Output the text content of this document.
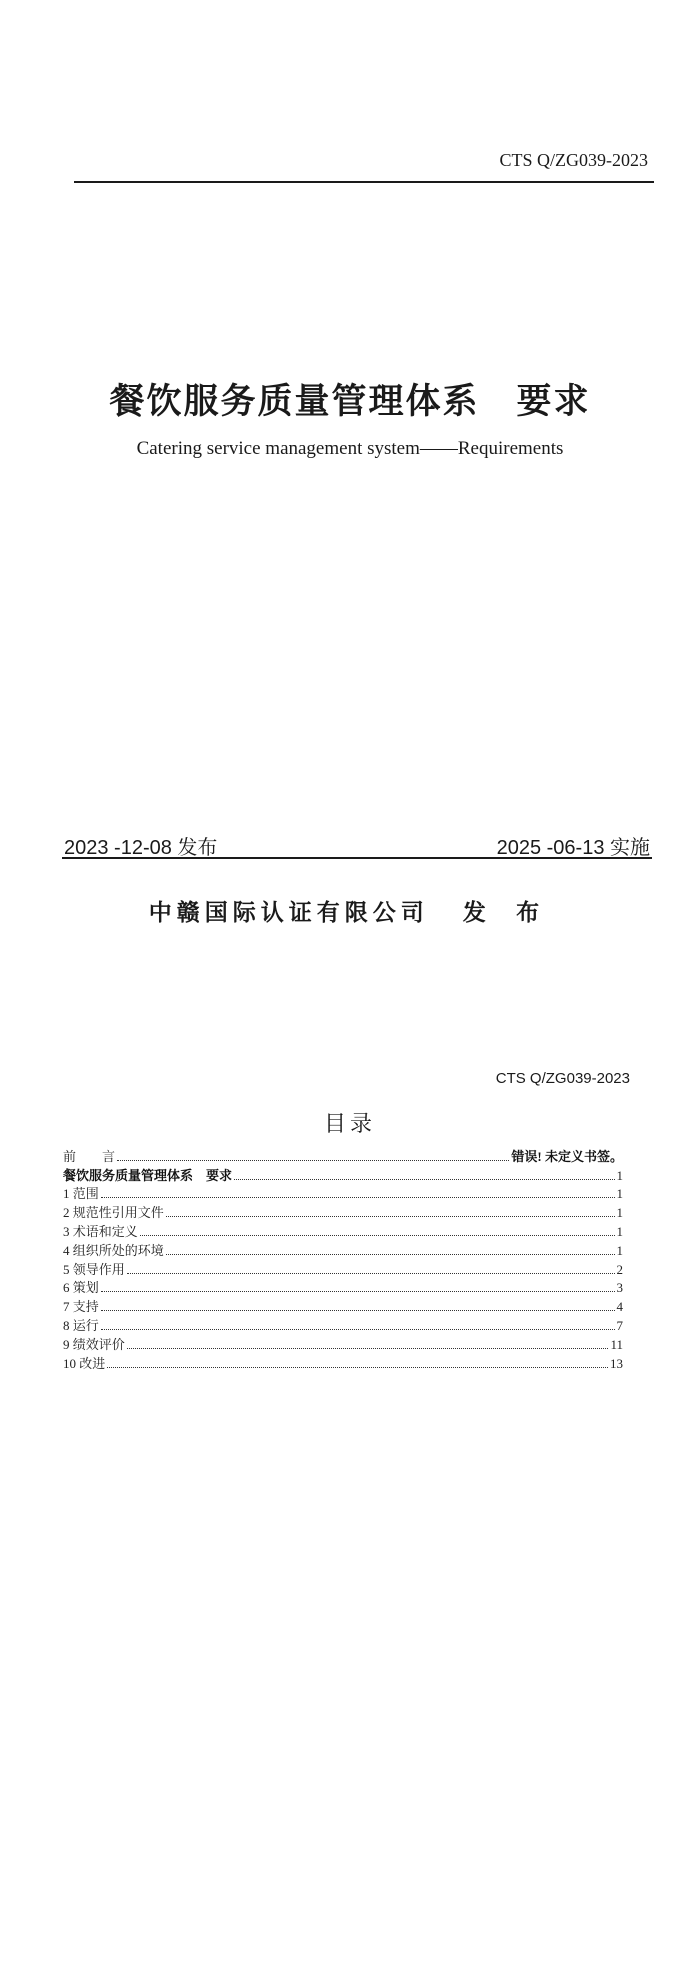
CTS Q/ZG039-2023
餐饮服务质量管理体系　要求
Catering service management system——Requirements
2023 -12-08 发布	2025 -06-13 实施
中赣国际认证有限公司 发 布
CTS Q/ZG039-2023
目录
前　　言	错误! 未定义书签。
餐饮服务质量管理体系　要求	1
1 范围	1
2 规范性引用文件	1
3 术语和定义	1
4 组织所处的环境	1
5 领导作用	2
6 策划	3
7 支持	4
8 运行	7
9 绩效评价	11
10 改进	13
